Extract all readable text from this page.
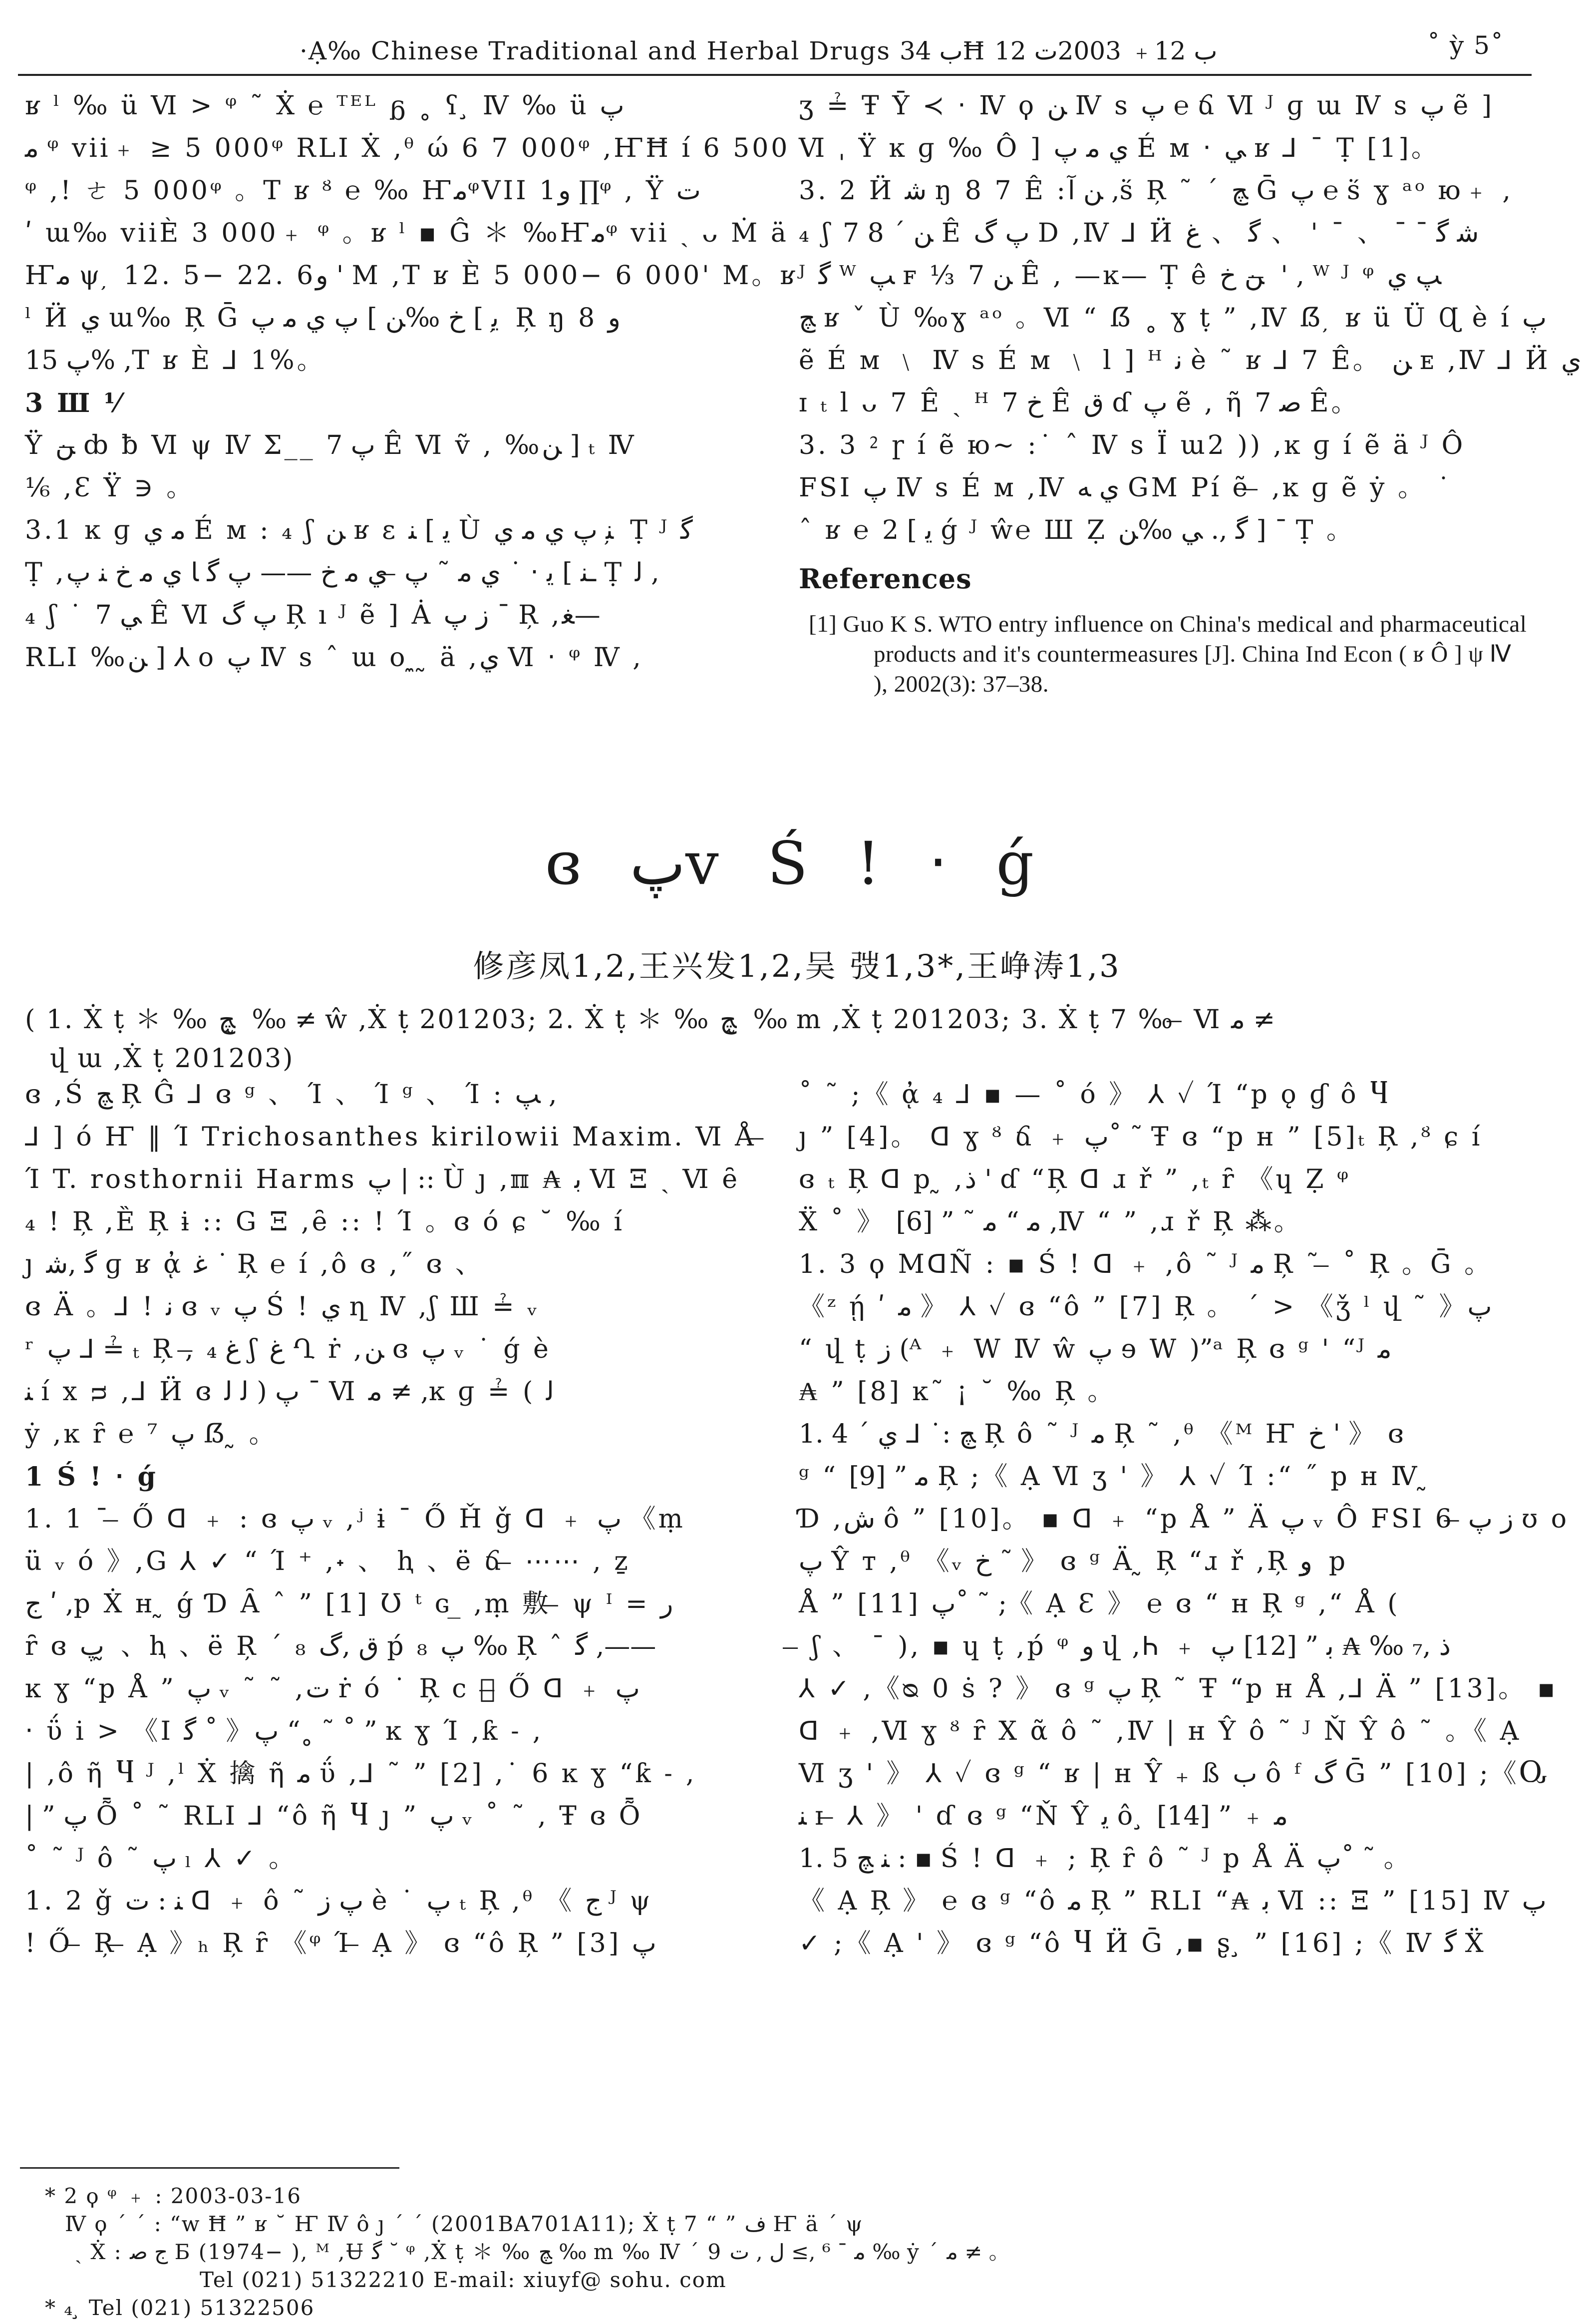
·Ạ‰ Chinese Traditional and Herbal Drugs ﺏ 34Ħ ﺏ 12﹢ 2003ت 12	˚ ỳ 5˚

ʁ ˡ ‰ ü Ⅵ > ᵠ ˜ Ẋ ℮ ᵀᴱᴸ ᵷ ˳ ʕ ̧ Ⅳ ‰ ü پ

ﻣ ᵠ vii﹢ ≥ 5 000ᵠ RLI Ẋ ,ᶿ ώ 6 7 000ᵠ ,ҤĦ í 6 500

ᵠ ,! ㄜ 5 000ᵠ 。T ʁ ᴽ ℮ ‰ ҤﻣᵠVII 1ﻭ ∏ᵠ , Ÿ ﺕ

ʹ ա‰ viiÈ 3 000﹢ ᵠ 。ʁ ˡ ▪ Ĝ ＊ ‰Ҥﻣᵠ vii ˎ ᴗ Ṁ ä

Ҥﻣ ψ ̦ 12. 5− 22. 6ﻭ ' M ,T ʁ È 5 000− 6 000' M。ʁ

ˡ Ӥ ﻱ ա‰ Ŗ Ḡ ﻳ ] ﺥ ‰ﻦ ] پ ﻱ ﻣ پ ̦ Ŗ ŋ 8 ﻭ

پ 15% ,T ʁ È ⅃ 1%。

3 Ш ⅟

Ÿ ﻦ ̶ȸ ƀ Ⅵ ψ Ⅳ Σ__ پ 7 Ê Ⅵ ṽ , ‰ﻦ ] ₜ Ⅳ

⅙ ,Ɛ Ÿ ∋ 。

3.1 ĸ ɡ ﻣ ﻱ É ᴍ : ₄ ʃ ﻦ ʁ ɛ ﻳ ] ﻨ Ù ﻨ پ ﻱ ﻣ ﻱ ̦ Ṭ ᴶ ﮔ

Ṭ ,ـﻨ ] ﻳ ‧ ˙ ﻱ ﻣ ˜ پ ̶ ﻱ ﻣ ﺥ —— پ ﮔ ﺎ ﻱ ﻣ ﺥ ﻨ پ Ṭ ﻟ ,

₄ ʃ ˙ ﻲ 7 Ê Ⅵ ﭖ ﮒ Ŗ ı ᴶ ẽ ] Ȧ ﺯ پ ¯ Ŗ ,ﻐ—

RLI ‰ﻦ ] ⅄ o پ Ⅳ s ˆ ա o ̼ ̰ ӓ ,ﻱ Ⅵ ‧ ᵠ Ⅳ ,

ʒ ≟ Ŧ Ȳ ≺ ‧ Ⅳ ϙ ﻦ Ⅳ s پ ℮ ճ Ⅵ ᴶ ɡ ա Ⅳ s پ ẽ ]

Ⅵ ˌ Ÿ ĸ ɡ ‰ Ô ] ﻱ ﻣ پ É ᴍ ‧ ﻲ ʁ ⅃ ¯ Ṭ [1]。

3. 2 Ӥ ﺷ ŋ 8 7 Ê :ﻦ ﺁ ,ṥ Ŗ ˜ ˊ ﭻ Ḡ پ ℮ ṥ ɣ ᵃᵒ ю﹢ ,

₄ ʃ ﻦ ˊ 8 7 Ê پ ﮒ D ,Ⅳ ⅃ Ӥ ﺷ ﮔ ˉ ˉ 、 ˉ ' 、 ﮔ 、 ﻍ

ᴶ ﮔ ᵂ ﭗ ꜰ ⅓ ﻦ 7 Ê , —ĸ— Ṭ ê ﻦ ﺥ ̶ ' , ᵂ ᴶ ᵠ ﭗ ﻱ

ﭻ ʁ ˇ Ù ‰ɣ ᵃᵒ 。Ⅵ “ ẞ ˳ ɣ ṭ ” ,Ⅳ ẞ ̦ ʁ ü Ü Ɋ è í پ

ẽ É ᴍ ﹨ Ⅳ s É ᴍ ﹨ l ] ᴴ ﻧ è ˜ ʁ ⅃ 7 Ê。 ﻦ ᴇ ,Ⅳ ⅃ Ӥ ﻱ

ɪ ₜ l ᴗ 7 Ê ˎ ᴴ ﺥ 7 Ê ﻕ ɗ پ ẽ , ῆ ﺻ 7 Ê。

3. 3 ⁲ ɼ í ẽ ю~ :˙ ˆ Ⅳ s Ï ա2 )) ,ĸ ɡ í ẽ ӓ ᴶ Ô

FSI پ Ⅳ s É ᴍ ,Ⅳ ﻱ ﻪ GM Pí ẽ ̶ ,ĸ ɡ ẽ ẏ 。 ˙

ˆ ʁ ℮ ﻳ ] 2 ǵ ᴶ ŵ℮ Ш Ẓ ﮔ ,. ﻲ ‰ﻦ ] ¯ Ṭ 。

References

[1] Guo K S. WTO entry influence on China's medical and pharmaceutical products and it's countermeasures [J]. China Ind Econ ( ʁ Ô ] ψ Ⅳ ), 2002(3): 37–38.

ɞ پv Ś ! ‧ ǵ
修彦凤1,2,王兴发1,2,吴 弢1,3*,王峥涛1,3
( 1. Ẋ ṭ ＊ ‰ ﭻ ̰ ‰ ≠ ŵ ,Ẋ ṭ 201203; 2. Ẋ ṭ ＊ ‰ ﭻ ̰ ‰ m ,Ẋ ṭ 201203; 3. Ẋ ṭ 7 ‰ ̶ Ⅵ ﻣ ≠
վ ա ,Ẋ ṭ 201203)

ɞ ,Ś ﭻ Ŗ Ĝ ⅃ ɞ ᵍ 、 Ί 、 Ί ᵍ 、 Ί : ﭗ ,

⅃ ] ó Ҥ ‖ Ί Trichosanthes kirilowii Maxim. Ⅵ Å ̶

Ί T. rosthornii Harms پ | :: Ù ȷ ,ℼ ₳ ﺑ Ⅵ Ξ ˎ Ⅵ ȇ

₄ ! Ŗ ,Ȅ Ŗ ɨ :: G Ξ ,ȇ :: ! Ί 。ɞ ó ɕ ˘ ‰ í

ȷ ﮔ ,ﺷ ɡ ʁ ᾀ ﻏ ˙ Ŗ ℮ í ,ô ɞ ,˝ ɞ 、

ɞ Ä 。⅃ ! ﻧ ɞ ᵥ پ Ś ! ﻱ ղ Ⅳ ,ʃ Ш ≟ ᵥ

ʳ پ ⅃ ≟ ₜ Ŗ ,̶ ﻍ ₄ ʃ ﻍ Ղ ṙ ,ﻦ ɞ پ ᵥ ˙ ǵ è

ﻨ í x ᴝ ,⅃ Ӥ ɞ پ ( ﻟ ﻟ ˉ Ⅵ ﻣ ≠ ,ĸ ɡ ≟ ( ﻟ

ẏ ,ĸ ȓ ℮ ⁷ پ ẞ ̰ 。

1 Ś ! ‧ ǵ

1. 1 ¯ ̶ Ő ᗡ ﹢ : ɞ پ ᵥ ,ʲ ɨ ¯ Ő Ȟ ǧ ᗡ ﹢ پ 《ṃ

ü ᵥ ó 》,G ⅄ ✓ “ Ί ⁺ ,˖ 、 ⱨ 、ë ճ ̶ ⋯⋯ , ẕ

ﺝ ʹ ,p Ẋ ʜ ̰ ǵ Ɗ Ȃ ˆ ” [1] Ʊ ᵗ ɢ ̲ ,ṃ 敷 ̶ ψ ᴵ = ﺭ

ȓ ɞ پ ̰ 、ⱨ 、ë Ŗ ˊ ₈ ﻕ ,ﮒ ṕ ₈ پ ‰ Ŗ ˆ ﮔ ,——

ĸ ɣ “p Å ” پ ᵥ ˜ ˜ ,ﺕ ṙ ó ˙ Ŗ c 。̶ Ő ᗡ ﹢ پ

‧ ΰ i > 《Ⅰ ﮔ ˚ 》پ “˳ ˜ ˚ ” ĸ ɣ Ί ,ƙ ˗ ,

| ,ô ῆ Ⴗ ᴶ ,ˡ Ẋ 擒 ῆ ﻣ ΰ ,⅃ ˜ ” [2] ,˙ 6 ĸ ɣ “ƙ ˗ ,

| ” پ Ȭ ˚ ˜ RLI ⅃ “ô ῆ Ⴗ ȷ ” پ ᵥ ˚ ˜ , Ŧ ɞ Ȭ

˚ ˜ ᴶ ô ˜ پ ₗ ⅄ ✓ 。

1. 2 ǧ ﻨ : ﺕ ᗡ ﹢ ô ˜ پ ﺯ è ˙ پ ₜ Ŗ ,ᶿ 《 ﺝ ᴶ ψ

! Ő ̶ Ŗ ̶ Ạ 》ₕ Ŗ ȓ 《ᵠ Ί ̶ Ạ 》 ɞ “ô Ŗ ” [3] پ

˚ ˜ ;《 ᾀ ₄ ⅃ ▪ — ˚ ó 》 ⅄ ✓ Ί “p ǫ ɠ ô Ⴗ

ȷ ” [4]。 ᗡ ɣ ᴽ ճ ﹢ پ˚ ˜ Ŧ ɞ “p ʜ ” [5]ₜ Ŗ ,ᴽ ɕ í

ɞ ₜ Ŗ ᗡ p ̰ ,ﺫ ' ɗ “Ŗ ᗡ ɹ ř ” ,ₜ ȓ 《ɥ Ẓ ᵠ

Ẍ ˚ 》 ﻣ “ ﻣ ˜ ” [6] ,Ⅳ “ ” ,ɹ ř Ŗ ⁂。

1. 3 ϙ MᗡÑ : ▪ Ś ! ᗡ ﹢ ,ô ˜ ᴶ ﻣ Ŗ ˜ ̶ ˚ Ŗ 。Ḡ 。

《ᶻ ῄ ʹ ﻣ 》 ⅄ ✓ ɞ “ô ” [7] Ŗ 。 ˊ > 《ǯ ˡ վ ˜ 》پ

“ վ ṭ ﺯ (ᴬ ﹢ W Ⅳ ŵ پ ɘ W )”ᵃ Ŗ ɞ ᵍ ' “ᴶ ﻣ

₳ ” [8] ĸ˜ ¡ ˘ ‰ Ŗ 。

1. 4 ˊ ﭻ :˙ ⅃ ﻱ Ŗ ô ˜ ᴶ ﻣ Ŗ ˜ ,ᶿ 《ᴹ Ҥ ﺥ ' 》 ɞ

ᵍ “ ﻣ ” [9] Ŗ ;《 Ạ Ⅵ ʒ ' 》 ⅄ ✓ Ί :“ ˝ p ʜ Ⅳ ̰

Ɗ ,ﺵ ô ” [10]。 ▪ ᗡ ﹢ “p Å ” Ä پ ᵥ Ô FSI ﺯ پ ̶ 6 ʊ o

پ Ŷ ᴛ ,ᶿ 《ᵥ ﺥ ˜ 》 ɞ ᵍ Ä ̰ Ŗ “ɹ ř ,Ŗ ﻭ ̧ p

Å ” [11] پ˚ ˜ ;《 Ạ Ɛ 》 ℮ ɞ “ ʜ Ŗ ᵍ ,“ Å (

̶ ʃ 、 ˉ ), ▪ ɥ ṭ ,ṕ ᵠ ﻭ վ ,Ꮒ ﹢ ﺫ ,₇ ‰ ₳ ﺑ ” [12] پ

⅄ ✓ ,《ᴓ 0 ṡ ? 》 ɞ ᵍ پ Ŗ ˜ Ŧ “p ʜ Å ,⅃ Ä ” [13]。 ▪

ᗡ ﹢ ,Ⅵ ɣ ᴽ ȓ Ⅹ ᾶ ô ˜ ,Ⅳ | ʜ Ŷ ô ˜ ᴶ Ň Ŷ ô ˜ 。《 Ạ

Ⅵ ʒ ' 》 ⅄ ✓ ɞ ᵍ “ ʁ | ʜ Ŷ ₊ ß ﺏ ô ᶠ ﮒ Ḡ ” [10] ;《Ⴍ

ﻨ ɪ ̶ ⅄ 》 ' ɗ ɞ ᵍ “Ň Ŷ ﻳ ô ̧ ﻣ ﹢ ” [14]

1. 5 ﻨ ﭻ : ▪ Ś ! ᗡ ﹢ ; Ŗ ȓ ô ˜ ᴶ p Å Ä پ˚ ˜ 。

《 Ạ Ŗ 》 ℮ ɞ ᵍ “ô ﻣ Ŗ ” RLI “₳ ﺑ Ⅵ :: Ξ ” [15] Ⅳ پ

✓ ;《 Ạ ' 》 ɞ ᵍ “ô Ⴗ Ӥ Ḡ ,▪ ʂ ̧ ” [16] ;《 Ⅳ ﮔ Ẍ

* 2 ϙ ᵠ ﹢ : 2003-03-16

Ⅳ ϙ ˊ ˊ : “w Ħ ” ʁ ˘ Ҥ Ⅳ ô ȷ ˊ ˊ (2001BA701A11); Ẋ ṭ 7 “ ” ﻑ Ҥ ӓ ˊ ψ

ˎ Ẋ : ﺝ ﺻ Ƃ (1974− ), ᴹ ,Ʉ ﮔ ˘ ᵠ ,Ẋ ṭ ＊ ‰ ﭻ ‰ m ‰ Ⅳ ˊ 9 ﻣ ˉ ⁶ ,≥ ﻝ , ﺕ ‰ ẏ ˊ ﻣ ≠ 。

Tel (021) 51322210 E-mail: xiuyf@ sohu. com

* ₄ ̧ Tel (021) 51322506
